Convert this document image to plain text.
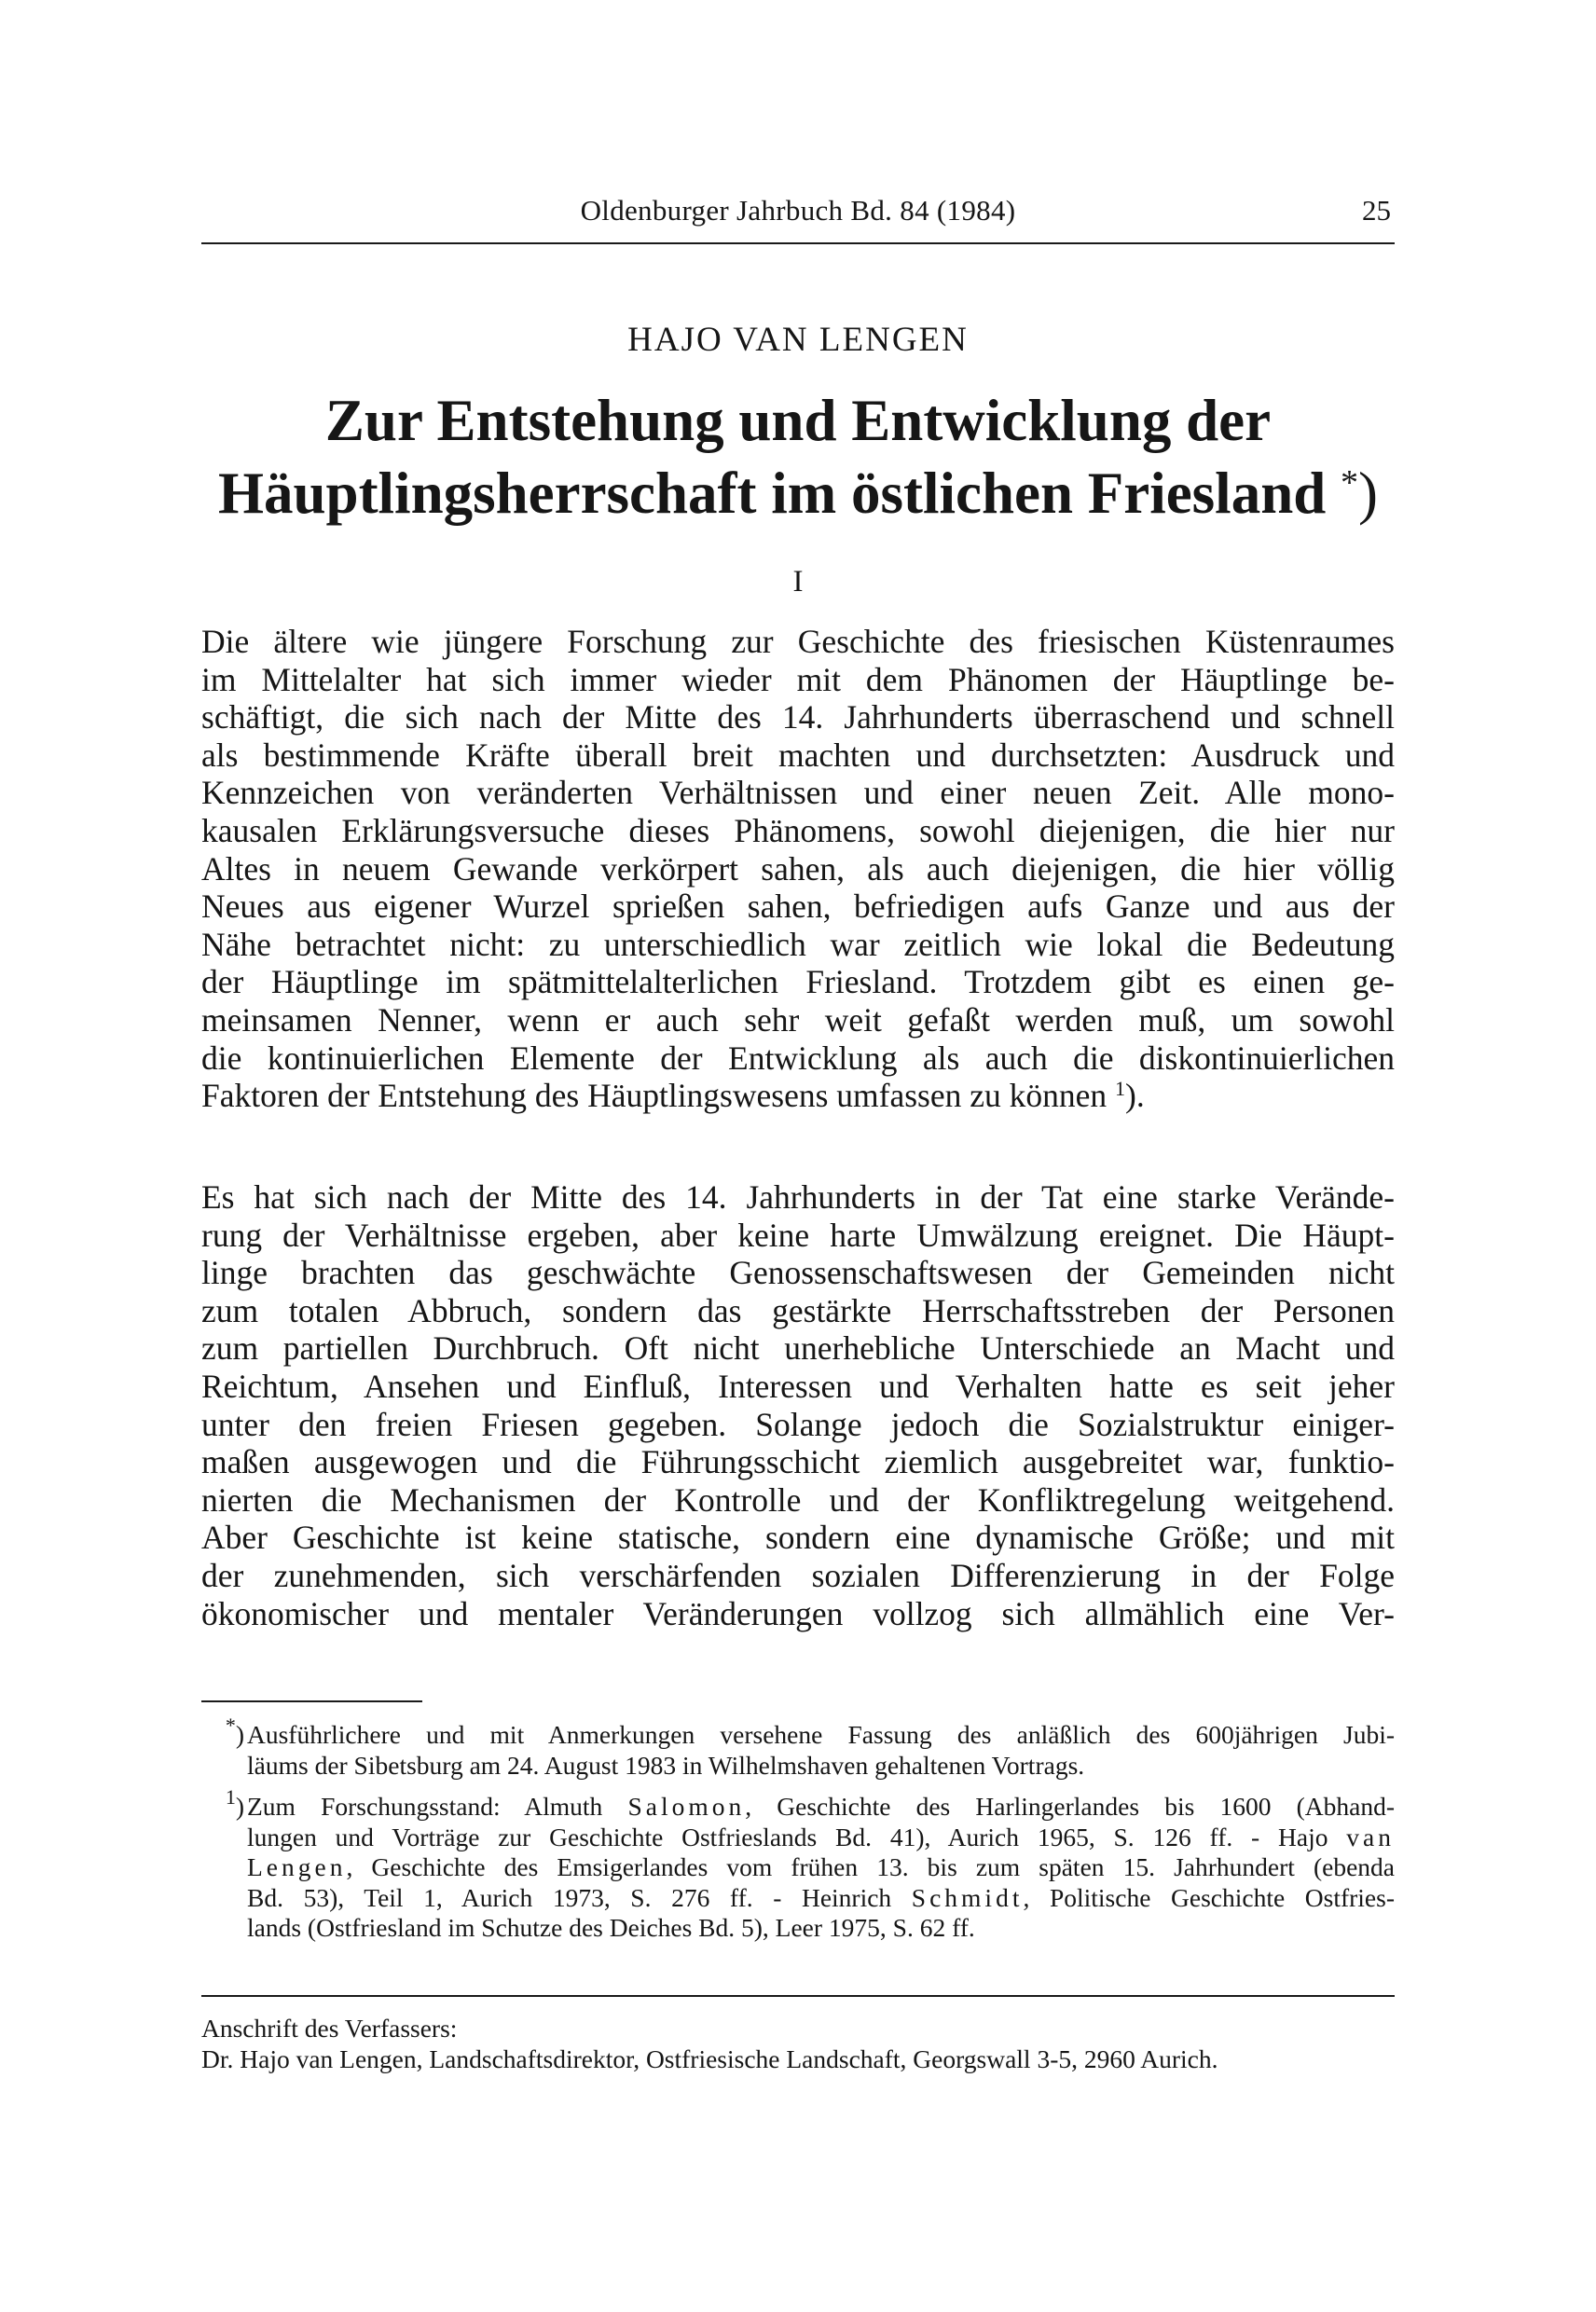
Oldenburger Jahrbuch Bd. 84 (1984)	25
HAJO VAN LENGEN
Zur Entstehung und Entwicklung der
Häuptlingsherrschaft im östlichen Friesland *)
I
Die ältere wie jüngere Forschung zur Geschichte des friesischen Küstenraumes
im Mittelalter hat sich immer wieder mit dem Phänomen der Häuptlinge be-
schäftigt, die sich nach der Mitte des 14. Jahrhunderts überraschend und schnell
als bestimmende Kräfte überall breit machten und durchsetzten: Ausdruck und
Kennzeichen von veränderten Verhältnissen und einer neuen Zeit. Alle mono-
kausalen Erklärungsversuche dieses Phänomens, sowohl diejenigen, die hier nur
Altes in neuem Gewande verkörpert sahen, als auch diejenigen, die hier völlig
Neues aus eigener Wurzel sprießen sahen, befriedigen aufs Ganze und aus der
Nähe betrachtet nicht: zu unterschiedlich war zeitlich wie lokal die Bedeutung
der Häuptlinge im spätmittelalterlichen Friesland. Trotzdem gibt es einen ge-
meinsamen Nenner, wenn er auch sehr weit gefaßt werden muß, um sowohl
die kontinuierlichen Elemente der Entwicklung als auch die diskontinuierlichen
Faktoren der Entstehung des Häuptlingswesens umfassen zu können $^1$).
Es hat sich nach der Mitte des 14. Jahrhunderts in der Tat eine starke Verände-
rung der Verhältnisse ergeben, aber keine harte Umwälzung ereignet. Die Häupt-
linge brachten das geschwächte Genossenschaftswesen der Gemeinden nicht
zum totalen Abbruch, sondern das gestärkte Herrschaftsstreben der Personen
zum partiellen Durchbruch. Oft nicht unerhebliche Unterschiede an Macht und
Reichtum, Ansehen und Einfluß, Interessen und Verhalten hatte es seit jeher
unter den freien Friesen gegeben. Solange jedoch die Sozialstruktur einiger-
maßen ausgewogen und die Führungsschicht ziemlich ausgebreitet war, funktio-
nierten die Mechanismen der Kontrolle und der Konfliktregelung weitgehend.
Aber Geschichte ist keine statische, sondern eine dynamische Größe; und mit
der zunehmenden, sich verschärfenden sozialen Differenzierung in der Folge
ökonomischer und mentaler Veränderungen vollzog sich allmählich eine Ver-
*) Ausführlichere und mit Anmerkungen versehene Fassung des anläßlich des 600jährigen Jubi-
läums der Sibetsburg am 24. August 1983 in Wilhelmshaven gehaltenen Vortrags.
$^1$) Zum Forschungsstand: Almuth Salomon, Geschichte des Harlingerlandes bis 1600 (Abhand-
lungen und Vorträge zur Geschichte Ostfrieslands Bd. 41), Aurich 1965, S. 126 ff. - Hajo van
Lengen, Geschichte des Emsigerlandes vom frühen 13. bis zum späten 15. Jahrhundert (ebenda
Bd. 53), Teil 1, Aurich 1973, S. 276 ff. - Heinrich Schmidt, Politische Geschichte Ostfries-
lands (Ostfriesland im Schutze des Deiches Bd. 5), Leer 1975, S. 62 ff.
Anschrift des Verfassers:
Dr. Hajo van Lengen, Landschaftsdirektor, Ostfriesische Landschaft, Georgswall 3-5, 2960 Aurich.
